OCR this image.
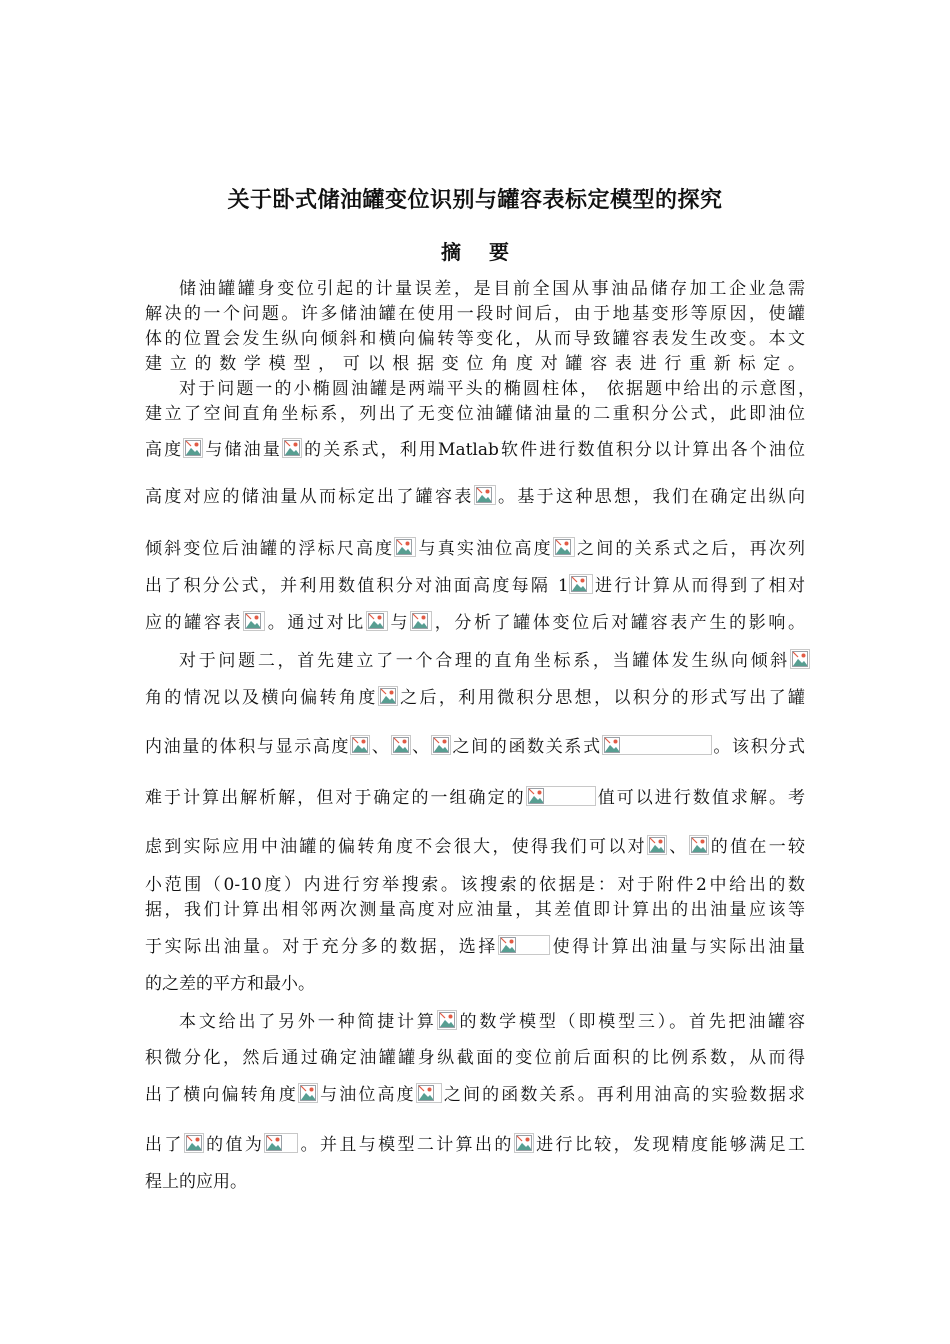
关于卧式储油罐变位识别与罐容表标定模型的探究
摘 要
储油罐罐身变位引起的计量误差，是目前全国从事油品储存加工企业急需
解决的一个问题。许多储油罐在使用一段时间后，由于地基变形等原因，使罐
体的位置会发生纵向倾斜和横向偏转等变化，从而导致罐容表发生改变。本文
建立的数学模型，可以根据变位角度对罐容表进行重新标定。
对于问题一的小椭圆油罐是两端平头的椭圆柱体， 依据题中给出的示意图，
建立了空间直角坐标系，列出了无变位油罐储油量的二重积分公式，此即油位
高度 与储油量 的关系式，利用Matlab软件进行数值积分以计算出各个油位
高度对应的储油量从而标定出了罐容表 。基于这种思想，我们在确定出纵向
倾斜变位后油罐的浮标尺高度 与真实油位高度 之间的关系式之后，再次列
出了积分公式，并利用数值积分对油面高度每隔 1 进行计算从而得到了相对
应的罐容表 。通过对比 与 ，分析了罐体变位后对罐容表产生的影响。
对于问题二，首先建立了一个合理的直角坐标系，当罐体发生纵向倾斜
角的情况以及横向偏转角度 之后，利用微积分思想，以积分的形式写出了罐
内油量的体积与显示高度 、 、 之间的函数关系式	。该积分式
难于计算出解析解，但对于确定的一组确定的	值可以进行数值求解。考
虑到实际应用中油罐的偏转角度不会很大，使得我们可以对 、 的值在一较
小范围（0-10度）内进行穷举搜索。该搜索的依据是：对于附件2中给出的数
据，我们计算出相邻两次测量高度对应油量，其差值即计算出的出油量应该等
于实际出油量。对于充分多的数据，选择	使得计算出油量与实际出油量
的之差的平方和最小。
本文给出了另外一种简捷计算 的数学模型（即模型三）。首先把油罐容
积微分化，然后通过确定油罐罐身纵截面的变位前后面积的比例系数，从而得
出了横向偏转角度 与油位高度 之间的函数关系。再利用油高的实验数据求
出了 的值为 。并且与模型二计算出的 进行比较，发现精度能够满足工
程上的应用。
